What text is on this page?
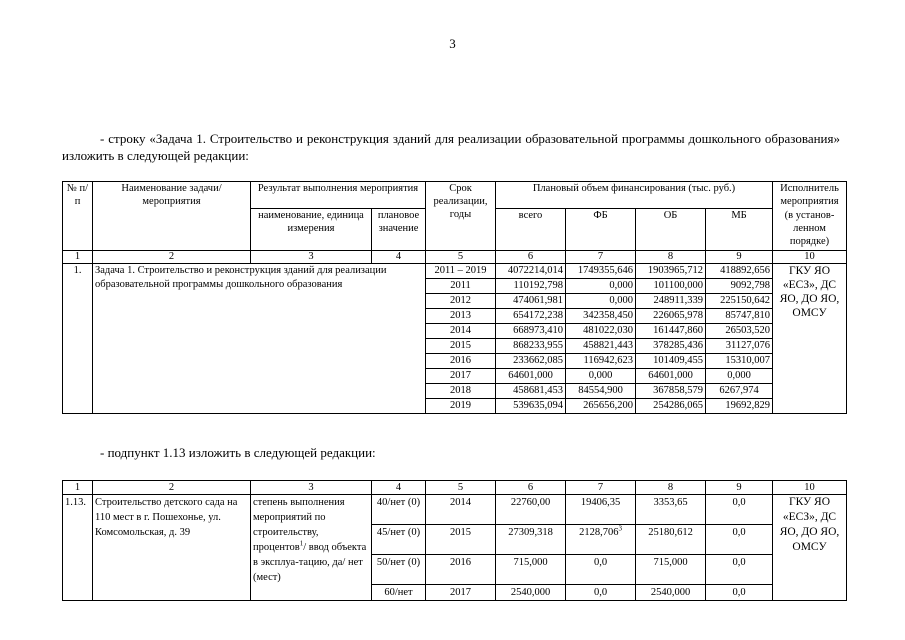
3
- строку «Задача 1. Строительство и реконструкция зданий для реализации образовательной программы дошкольного образования» изложить в следующей редакции:
№ п/п	Наименование задачи/мероприятия	Результат выполнения мероприятия		Срок реализации, годы	Плановый объем финансирования (тыс. руб.)				Исполнитель мероприятия
		наименование, единица измерения	плановое значение		всего	ФБ	ОБ	МБ	(в установ-ленном порядке)
1	2	3	4	5	6	7	8	9	10
1.	Задача 1. Строительство и реконструкция зданий для реализации образовательной программы дошкольного образования			2011 – 2019	4072214,014	1749355,646	1903965,712	418892,656	ГКУ ЯО «ЕСЗ», ДС ЯО, ДО ЯО, ОМСУ
				2011	110192,798	0,000	101100,000	9092,798	
				2012	474061,981	0,000	248911,339	225150,642	
				2013	654172,238	342358,450	226065,978	85747,810	
				2014	668973,410	481022,030	161447,860	26503,520	
				2015	868233,955	458821,443	378285,436	31127,076	
				2016	233662,085	116942,623	101409,455	15310,007	
				2017	64601,000	0,000	64601,000	0,000	
				2018	458681,453	84554,900	367858,579	6267,974	
				2019	539635,094	265656,200	254286,065	19692,829	
- подпункт 1.13 изложить в следующей редакции:
1	2	3	4	5	6	7	8	9	10
1.13.	Строительство детского сада на 110 мест в г. Пошехонье, ул. Комсомольская, д. 39	степень выполнения мероприятий по строительству, процентов$^1$/ ввод объекта в эксплуа-тацию, да/ нет (мест)	40/нет (0)	2014	22760,00	19406,35	3353,65	0,0	ГКУ ЯО «ЕСЗ», ДС ЯО, ДО ЯО, ОМСУ
			45/нет (0)	2015	27309,318	2128,706$^3$	25180,612	0,0	
			50/нет (0)	2016	715,000	0,0	715,000	0,0	
			60/нет	2017	2540,000	0,0	2540,000	0,0	
